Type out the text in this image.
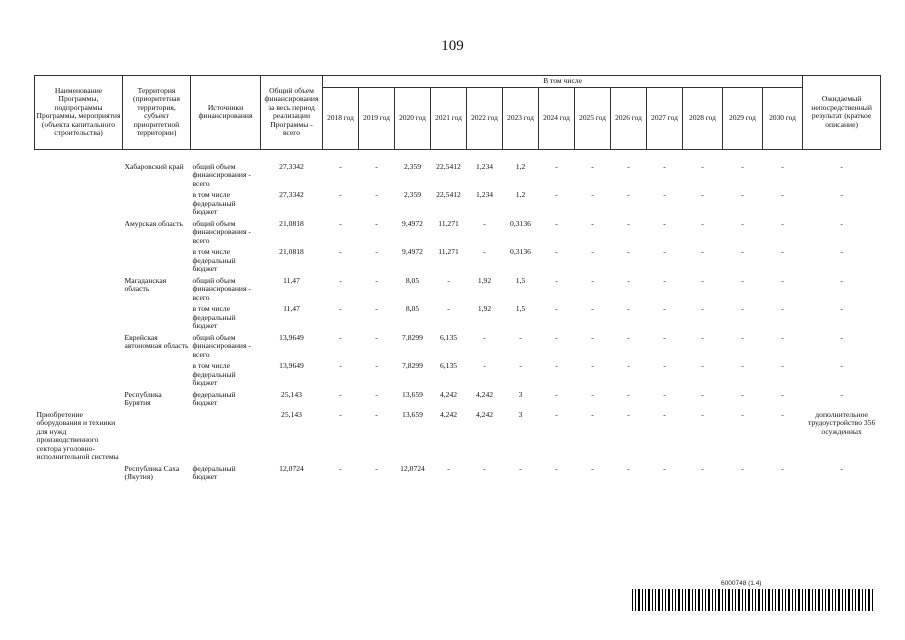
109
Наименование Программы, подпрограммы Программы, мероприятия (объекта капитального строительства)	Территория (приоритетная территория, субъект приоритетной территории)	Источники финансирования	Общий объем финансирования за весь период реализации Программы - всего	В том числе													Ожидаемый непосредственный результат (краткое описание)
				2018 год	2019 год	2020 год	2021 год	2022 год	2023 год	2024 год	2025 год	2026 год	2027 год	2028 год	2029 год	2030 год	

	Хабаровский край	общий объем финансирования - всего	27,3342	-	-	2,359	22,5412	1,234	1,2	-	-	-	-	-	-	-	-
		в том числе федеральный бюджет	27,3342	-	-	2,359	22,5412	1,234	1,2	-	-	-	-	-	-	-	-
	Амурская область	общий объем финансирования - всего	21,0818	-	-	9,4972	11,271	-	0,3136	-	-	-	-	-	-	-	-
		в том числе федеральный бюджет	21,0818	-	-	9,4972	11,271	-	0,3136	-	-	-	-	-	-	-	-
	Магаданская область	общий объем финансирования - всего	11,47	-	-	8,05	-	1,92	1,5	-	-	-	-	-	-	-	-
		в том числе федеральный бюджет	11,47	-	-	8,05	-	1,92	1,5	-	-	-	-	-	-	-	-
	Еврейская автономная область	общий объем финансирования - всего	13,9649	-	-	7,8299	6,135	-	-	-	-	-	-	-	-	-	-
		в том числе федеральный бюджет	13,9649	-	-	7,8299	6,135	-	-	-	-	-	-	-	-	-	-
	Республика Бурятия	федеральный бюджет	25,143	-	-	13,659	4,242	4,242	3	-	-	-	-	-	-	-	-
Приобретение оборудования и техники для нужд производственного сектора уголовно-исполнительной системы			25,143	-	-	13,659	4,242	4,242	3	-	-	-	-	-	-	-	дополнительное трудоустройство 356 осужденных
	Республика Саха (Якутия)	федеральный бюджет	12,0724	-	-	12,0724	-	-	-	-	-	-	-	-	-	-	-
6000748 (1.4)
